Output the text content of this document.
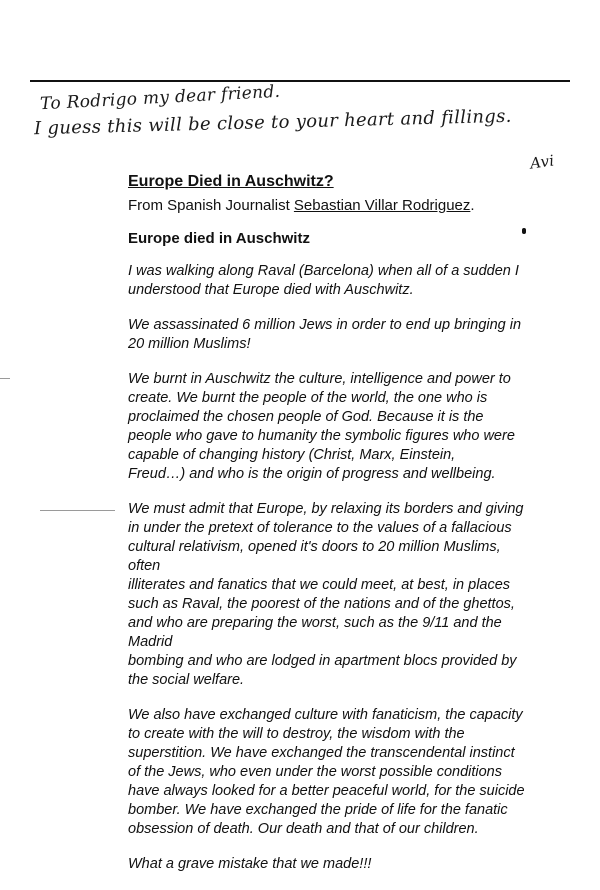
To Rodrigo my dear friend.
I guess this will be close to your heart and fillings.
Avi
Europe Died in Auschwitz?
From Spanish Journalist Sebastian Villar Rodriguez.
Europe died in Auschwitz

I was walking along Raval (Barcelona) when all of a sudden I
understood that Europe died with Auschwitz.

We assassinated 6 million Jews in order to end up bringing in
20 million Muslims!

We burnt in Auschwitz the culture, intelligence and power to
create. We burnt the people of the world, the one who is
proclaimed the chosen people of God. Because it is the
people who gave to humanity the symbolic figures who were
capable of changing history (Christ, Marx, Einstein,
Freud…) and who is the origin of progress and wellbeing.

We must admit that Europe, by relaxing its borders and giving
in under the pretext of tolerance to the values of a fallacious
cultural relativism, opened it's doors to 20 million Muslims,
often
illiterates and fanatics that we could meet, at best, in places
such as Raval, the poorest of the nations and of the ghettos,
and who are preparing the worst, such as the 9/11 and the
Madrid
bombing and who are lodged in apartment blocs provided by
the social welfare.

We also have exchanged culture with fanaticism, the capacity
to create with the will to destroy, the wisdom with the
superstition. We have exchanged the transcendental instinct
of the Jews, who even under the worst possible conditions
have always looked for a better peaceful world, for the suicide
bomber. We have exchanged the pride of life for the fanatic
obsession of death. Our death and that of our children.

What a grave mistake that we made!!!
